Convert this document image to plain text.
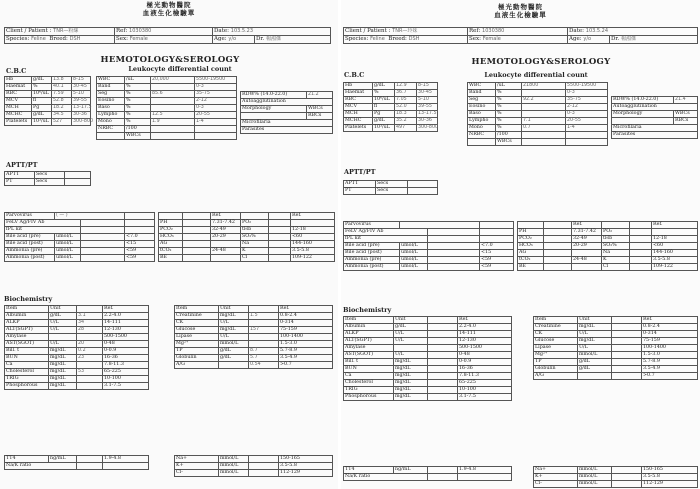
極光動物醫院
血液生化檢驗單
Client / Patient : TNR—粉絲	Ref: 1030380	Date: 103.5.23	
Species: Feline Breed: DSH	Sex: Female	Age: y/o	Dr. 楊鴻傑
HEMOTOLOGY&SEROLOGY
C.B.C	Leukocyte differential count
Hb	g/dL	13.8	8-15
Haemat	%	40.1	30-45
RBC	10⁶/uL	7.59	5-10
MCV	fl	52.8	39-55
MCH	Pg	18.2	13-17.5
MCHC	g/dL	34.5	30-36
Platelets	10³/uL	527	300-800
WBC	/uL	20,000	5500-19500
Band	%		0-3
Seg	%	85.6	35-75
Eosino	%		2-12
Baso	%		0-3
Lympho	%	12.5	20-55
Mono	%	1.9	1-4
NRBC	/100		
	WBCs		
RDW% (14.0-22.0)	21.2
Autoagglutination	
Morphology	WBCs
	RBCs
Microfilaria	
Parasites	
APTT/PT
APTT	Secs	
PT	Secs	
Parvovirus	( — )		
FeLV Ag/FIV Ab			
fPL kit			
Bile acid (pre)	umol/L		<7.0
Bile acid (post)	umol/L		<15
Ammonia (pre)	umol/L		<59
Ammonia (post)	umol/L		<59
		Ref.			Ref.
PH		7.31-7.42	PO₂		
PCO₂		32-49	tHb		12-18
HCO₃		20-29	SO₂%		<60
AG			Na		144-160
tCO₂		24-48	K		3.5-5.8
BE			Cl		109-122
Biochemistry
Item	Unit		Ref.
Albumin	g/dL	3.1	2.2-4.0
ALKP	U/L	34	14-111
ALT(SGPT)	U/L	28	12-130
Amylase			500-1500
AST(SGOT)	U/L	20	0-48
Bill. t	mg/dL	0.2	0-0.9
BUN	mg/dL	23	16-36
Ca	mg/dL		7.8-11.3
Cholesterol	mg/dL	53	65-225
TRIG	mg/dL		10-100
Phosphorous	mg/dL		3.1-7.5
Item	Unit		Ref.
Creatinine	mg/dL	1.5	0.8-2.4
CK	U/L		0-314
Glucose	mg/dL	157	75-159
Lipase	U/L		100-1400
Mg²⁺	mmol/L		1.5-3.0
TP	g/dL	8.7	5.7-8.9
Globulin	g/dL	5.7	3.5-4.9
A/G		0.54	>0.7
TT4	ng/mL		1.9-4.8
Na/K ratio			
Na+	mmol/L		150-165
K+	mmol/L		3.5-5.8
Cl-	mmol/L		112-129
極光動物醫院
血液生化檢驗單
Client / Patient : TNR—玲妹	Ref: 1030380	Date: 103.5.24	
Species: Feline Breed: DSH	Sex: Female	Age: y/o	Dr. 楊鴻傑
HEMOTOLOGY&SEROLOGY
C.B.C	Leukocyte differential count
Hb	g/dL	12.9	8-15
Haemat	%	36.7	30-45
RBC	10⁶/uL	7.05	5-10
MCV	fl	52.0	39-55
MCH	Pg	18.3	13-17.5
MCHC	g/dL	35.2	30-36
Platelets	10³/uL	497	300-800
WBC	/uL	21800	5500-19500
Band	%		0-3
Seg	%	92.2	35-75
Eosino	%		2-12
Baso	%		0-3
Lympho	%	7.1	20-55
Mono	%	0.7	1-4
NRBC	/100		
	WBCs		
RDW% (14.0-22.0)	21.4
Autoagglutination	
Morphology	WBCs
	RBCs
Microfilaria	
Parasites	
APTT/PT
APTT	Secs	
PT	Secs	
Parvovirus			
FeLV Ag/FIV Ab			
fPL kit			
Bile acid (pre)	umol/L		<7.0
Bile acid (post)	umol/L		<15
Ammonia (pre)	umol/L		<59
Ammonia (post)	umol/L		<59
		Ref.			Ref.
PH		7.31-7.42	PO₂		
PCO₂		32-49	tHb		12-18
HCO₃		20-29	SO₂%		<60
AG			Na		144-160
tCO₂		24-48	K		3.5-5.8
BE			Cl		109-122
Biochemistry
Item	Unit		Ref.
Albumin	g/dL		2.2-4.0
ALKP	U/L		14-111
ALT(SGPT)	U/L		12-130
Amylase			500-1500
AST(SGOT)	U/L		0-48
Bill. t	mg/dL		0-0.9
BUN	mg/dL		16-36
Ca	mg/dL		7.8-11.3
Cholesterol	mg/dL		65-225
TRIG	mg/dL		10-100
Phosphorous	mg/dL		3.1-7.5
Item	Unit		Ref.
Creatinine	mg/dL		0.8-2.4
CK	U/L		0-314
Glucose	mg/dL		75-159
Lipase	U/L		100-1400
Mg²⁺	mmol/L		1.5-3.0
TP	g/dL		5.7-8.9
Globulin	g/dL		3.5-4.9
A/G			>0.7
TT4	ng/mL		1.9-4.8
Na/K ratio			
Na+	mmol/L		150-165
K+	mmol/L		3.5-5.8
Cl-	mmol/L		112-129
